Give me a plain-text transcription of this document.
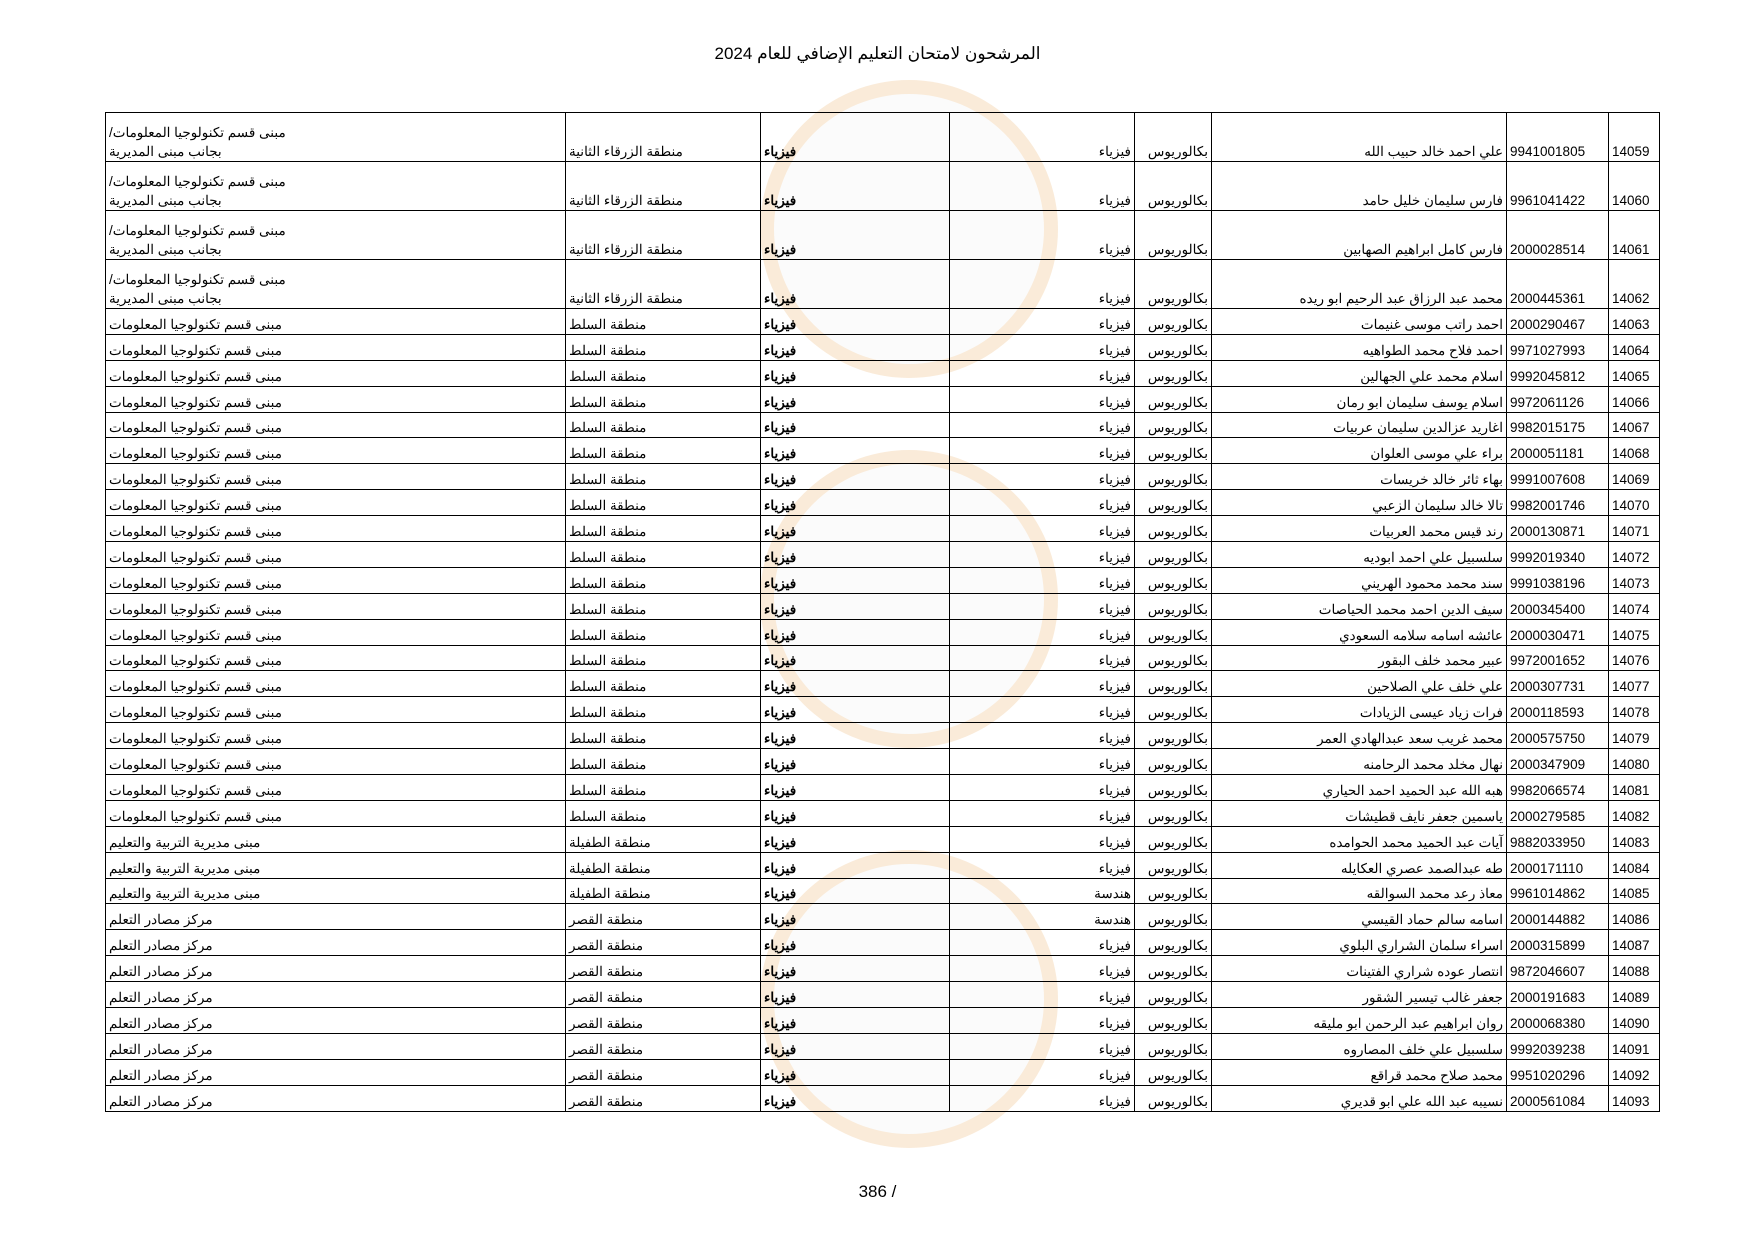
المرشحون لامتحان التعليم الإضافي للعام 2024
14059	9941001805	علي احمد خالد حبيب الله	بكالوريوس	فيزياء	فيزياء	منطقة الزرقاء الثانية	مبنى قسم تكنولوجيا المعلومات/
بجانب مبنى المديرية

14060	9961041422	فارس سليمان خليل حامد	بكالوريوس	فيزياء	فيزياء	منطقة الزرقاء الثانية	مبنى قسم تكنولوجيا المعلومات/
بجانب مبنى المديرية

14061	2000028514	فارس كامل ابراهيم الصهابين	بكالوريوس	فيزياء	فيزياء	منطقة الزرقاء الثانية	مبنى قسم تكنولوجيا المعلومات/
بجانب مبنى المديرية

14062	2000445361	محمد عبد الرزاق عبد الرحيم ابو ريده	بكالوريوس	فيزياء	فيزياء	منطقة الزرقاء الثانية	مبنى قسم تكنولوجيا المعلومات/
بجانب مبنى المديرية

14063	2000290467	احمد راتب موسى غنيمات	بكالوريوس	فيزياء	فيزياء	منطقة السلط	مبنى قسم تكنولوجيا المعلومات

14064	9971027993	احمد فلاح محمد الطواهيه	بكالوريوس	فيزياء	فيزياء	منطقة السلط	مبنى قسم تكنولوجيا المعلومات

14065	9992045812	اسلام محمد علي الجهالين	بكالوريوس	فيزياء	فيزياء	منطقة السلط	مبنى قسم تكنولوجيا المعلومات

14066	9972061126	اسلام يوسف سليمان ابو رمان	بكالوريوس	فيزياء	فيزياء	منطقة السلط	مبنى قسم تكنولوجيا المعلومات

14067	9982015175	اغاريد عزالدين سليمان عربيات	بكالوريوس	فيزياء	فيزياء	منطقة السلط	مبنى قسم تكنولوجيا المعلومات

14068	2000051181	براء علي موسى العلوان	بكالوريوس	فيزياء	فيزياء	منطقة السلط	مبنى قسم تكنولوجيا المعلومات

14069	9991007608	بهاء ثائر خالد خريسات	بكالوريوس	فيزياء	فيزياء	منطقة السلط	مبنى قسم تكنولوجيا المعلومات

14070	9982001746	تالا خالد سليمان الزعبي	بكالوريوس	فيزياء	فيزياء	منطقة السلط	مبنى قسم تكنولوجيا المعلومات

14071	2000130871	رند قيس محمد العربيات	بكالوريوس	فيزياء	فيزياء	منطقة السلط	مبنى قسم تكنولوجيا المعلومات

14072	9992019340	سلسبيل علي احمد ابوديه	بكالوريوس	فيزياء	فيزياء	منطقة السلط	مبنى قسم تكنولوجيا المعلومات

14073	9991038196	سند محمد محمود الهريني	بكالوريوس	فيزياء	فيزياء	منطقة السلط	مبنى قسم تكنولوجيا المعلومات

14074	2000345400	سيف الدين احمد محمد الحياصات	بكالوريوس	فيزياء	فيزياء	منطقة السلط	مبنى قسم تكنولوجيا المعلومات

14075	2000030471	عائشه اسامه سلامه السعودي	بكالوريوس	فيزياء	فيزياء	منطقة السلط	مبنى قسم تكنولوجيا المعلومات

14076	9972001652	عبير محمد خلف البقور	بكالوريوس	فيزياء	فيزياء	منطقة السلط	مبنى قسم تكنولوجيا المعلومات

14077	2000307731	علي خلف علي الصلاحين	بكالوريوس	فيزياء	فيزياء	منطقة السلط	مبنى قسم تكنولوجيا المعلومات

14078	2000118593	فرات زياد عيسى الزيادات	بكالوريوس	فيزياء	فيزياء	منطقة السلط	مبنى قسم تكنولوجيا المعلومات

14079	2000575750	محمد غريب سعد عبدالهادي العمر	بكالوريوس	فيزياء	فيزياء	منطقة السلط	مبنى قسم تكنولوجيا المعلومات

14080	2000347909	نهال مخلد محمد الرحامنه	بكالوريوس	فيزياء	فيزياء	منطقة السلط	مبنى قسم تكنولوجيا المعلومات

14081	9982066574	هبه الله عبد الحميد احمد الحياري	بكالوريوس	فيزياء	فيزياء	منطقة السلط	مبنى قسم تكنولوجيا المعلومات

14082	2000279585	ياسمين جعفر نايف قطيشات	بكالوريوس	فيزياء	فيزياء	منطقة السلط	مبنى قسم تكنولوجيا المعلومات

14083	9882033950	آيات عبد الحميد محمد الحوامده	بكالوريوس	فيزياء	فيزياء	منطقة الطفيلة	مبنى مديرية التربية والتعليم

14084	2000171110	طه عبدالصمد عصري العكايله	بكالوريوس	فيزياء	فيزياء	منطقة الطفيلة	مبنى مديرية التربية والتعليم

14085	9961014862	معاذ رعد محمد السوالقه	بكالوريوس	هندسة	فيزياء	منطقة الطفيلة	مبنى مديرية التربية والتعليم

14086	2000144882	اسامه سالم حماد القيسي	بكالوريوس	هندسة	فيزياء	منطقة القصر	مركز مصادر التعلم

14087	2000315899	اسراء سلمان الشراري البلوي	بكالوريوس	فيزياء	فيزياء	منطقة القصر	مركز مصادر التعلم

14088	9872046607	انتصار عوده شراري الفتينات	بكالوريوس	فيزياء	فيزياء	منطقة القصر	مركز مصادر التعلم

14089	2000191683	جعفر غالب تيسير الشقور	بكالوريوس	فيزياء	فيزياء	منطقة القصر	مركز مصادر التعلم

14090	2000068380	روان ابراهيم عبد الرحمن ابو مليقه	بكالوريوس	فيزياء	فيزياء	منطقة القصر	مركز مصادر التعلم

14091	9992039238	سلسبيل علي خلف المصاروه	بكالوريوس	فيزياء	فيزياء	منطقة القصر	مركز مصادر التعلم

14092	9951020296	محمد صلاح محمد قراقع	بكالوريوس	فيزياء	فيزياء	منطقة القصر	مركز مصادر التعلم

14093	2000561084	نسيبه عبد الله علي ابو قديري	بكالوريوس	فيزياء	فيزياء	منطقة القصر	مركز مصادر التعلم
386 /
